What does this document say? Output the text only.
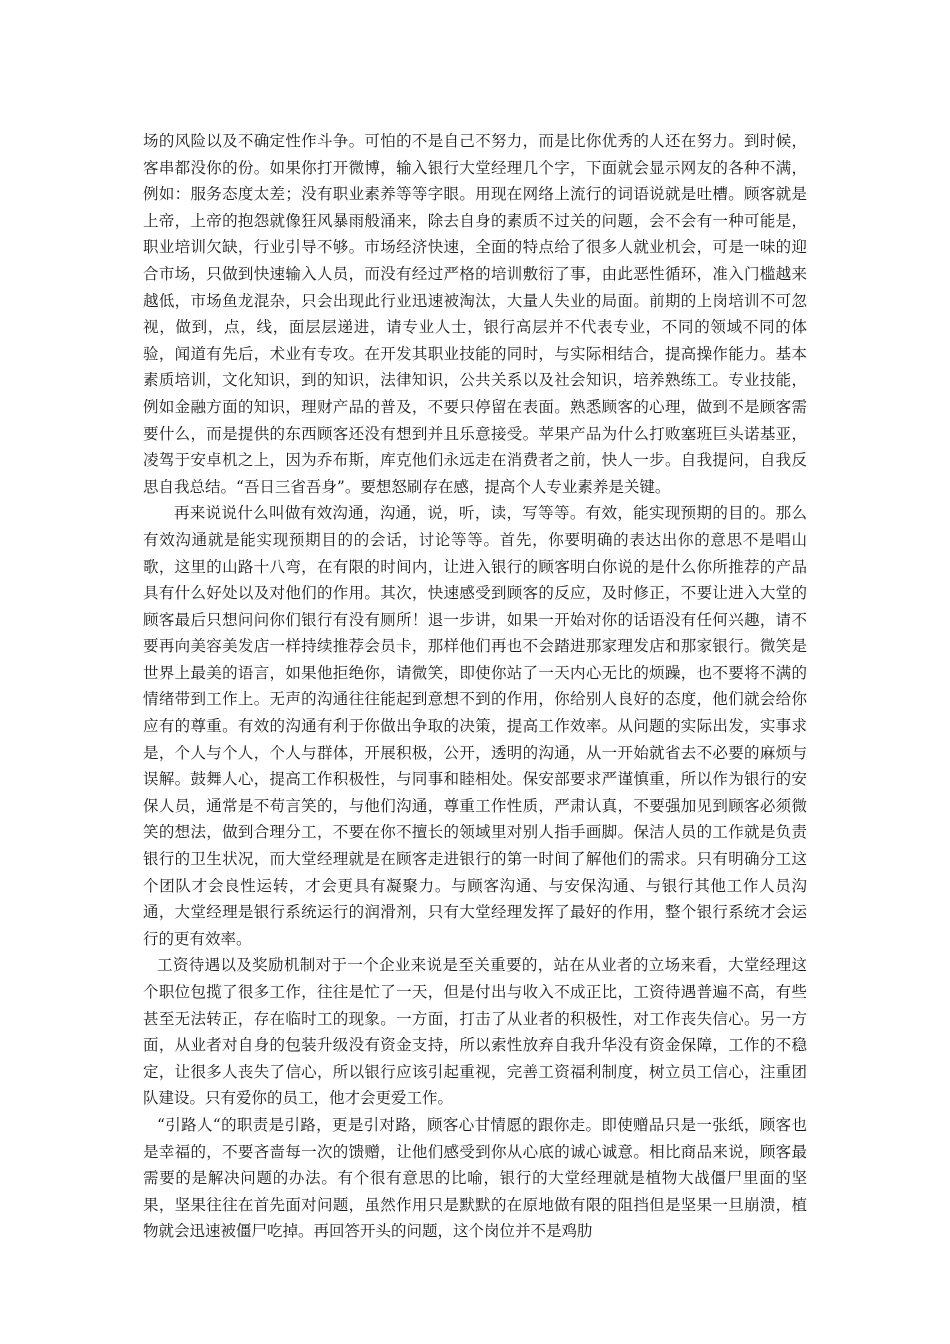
场的风险以及不确定性作斗争。可怕的不是自己不努力，而是比你优秀的人还在努力。到时候，客串都没你的份。如果你打开微博，输入银行大堂经理几个字，下面就会显示网友的各种不满，例如：服务态度太差；没有职业素养等等字眼。用现在网络上流行的词语说就是吐槽。顾客就是上帝，上帝的抱怨就像狂风暴雨般涌来，除去自身的素质不过关的问题，会不会有一种可能是，职业培训欠缺，行业引导不够。市场经济快速，全面的特点给了很多人就业机会，可是一味的迎合市场，只做到快速输入人员，而没有经过严格的培训敷衍了事，由此恶性循环，准入门槛越来越低，市场鱼龙混杂，只会出现此行业迅速被淘汰，大量人失业的局面。前期的上岗培训不可忽视，做到，点，线，面层层递进，请专业人士，银行高层并不代表专业，不同的领域不同的体验，闻道有先后，术业有专攻。在开发其职业技能的同时，与实际相结合，提高操作能力。基本素质培训，文化知识，到的知识，法律知识，公共关系以及社会知识，培养熟练工。专业技能，例如金融方面的知识，理财产品的普及，不要只停留在表面。熟悉顾客的心理，做到不是顾客需要什么，而是提供的东西顾客还没有想到并且乐意接受。苹果产品为什么打败塞班巨头诺基亚，凌驾于安卓机之上，因为乔布斯，库克他们永远走在消费者之前，快人一步。自我提问，自我反思自我总结。“吾日三省吾身”。要想怒刷存在感，提高个人专业素养是关键。

再来说说什么叫做有效沟通，沟通，说，听，读，写等等。有效，能实现预期的目的。那么有效沟通就是能实现预期目的的会话，讨论等等。首先，你要明确的表达出你的意思不是唱山歌，这里的山路十八弯，在有限的时间内，让进入银行的顾客明白你说的是什么你所推荐的产品具有什么好处以及对他们的作用。其次，快速感受到顾客的反应，及时修正，不要让进入大堂的顾客最后只想问问你们银行有没有厕所！退一步讲，如果一开始对你的话语没有任何兴趣，请不要再向美容美发店一样持续推荐会员卡，那样他们再也不会踏进那家理发店和那家银行。微笑是世界上最美的语言，如果他拒绝你，请微笑，即使你站了一天内心无比的烦躁，也不要将不满的情绪带到工作上。无声的沟通往往能起到意想不到的作用，你给别人良好的态度，他们就会给你应有的尊重。有效的沟通有利于你做出争取的决策，提高工作效率。从问题的实际出发，实事求是，个人与个人，个人与群体，开展积极，公开，透明的沟通，从一开始就省去不必要的麻烦与误解。鼓舞人心，提高工作积极性，与同事和睦相处。保安部要求严谨慎重，所以作为银行的安保人员，通常是不苟言笑的，与他们沟通，尊重工作性质，严肃认真，不要强加见到顾客必须微笑的想法，做到合理分工，不要在你不擅长的领域里对别人指手画脚。保洁人员的工作就是负责银行的卫生状况，而大堂经理就是在顾客走进银行的第一时间了解他们的需求。只有明确分工这个团队才会良性运转，才会更具有凝聚力。与顾客沟通、与安保沟通、与银行其他工作人员沟通，大堂经理是银行系统运行的润滑剂，只有大堂经理发挥了最好的作用，整个银行系统才会运行的更有效率。

工资待遇以及奖励机制对于一个企业来说是至关重要的，站在从业者的立场来看，大堂经理这个职位包揽了很多工作，往往是忙了一天，但是付出与收入不成正比，工资待遇普遍不高，有些甚至无法转正，存在临时工的现象。一方面，打击了从业者的积极性，对工作丧失信心。另一方面，从业者对自身的包装升级没有资金支持，所以索性放弃自我升华没有资金保障，工作的不稳定，让很多人丧失了信心，所以银行应该引起重视，完善工资福利制度，树立员工信心，注重团队建设。只有爱你的员工，他才会更爱工作。

“引路人“的职责是引路，更是引对路，顾客心甘情愿的跟你走。即使赠品只是一张纸，顾客也是幸福的，不要吝啬每一次的馈赠，让他们感受到你从心底的诚心诚意。相比商品来说，顾客最需要的是解决问题的办法。有个很有意思的比喻，银行的大堂经理就是植物大战僵尸里面的坚果，坚果往往在首先面对问题，虽然作用只是默默的在原地做有限的阻挡但是坚果一旦崩溃，植物就会迅速被僵尸吃掉。再回答开头的问题，这个岗位并不是鸡肋
